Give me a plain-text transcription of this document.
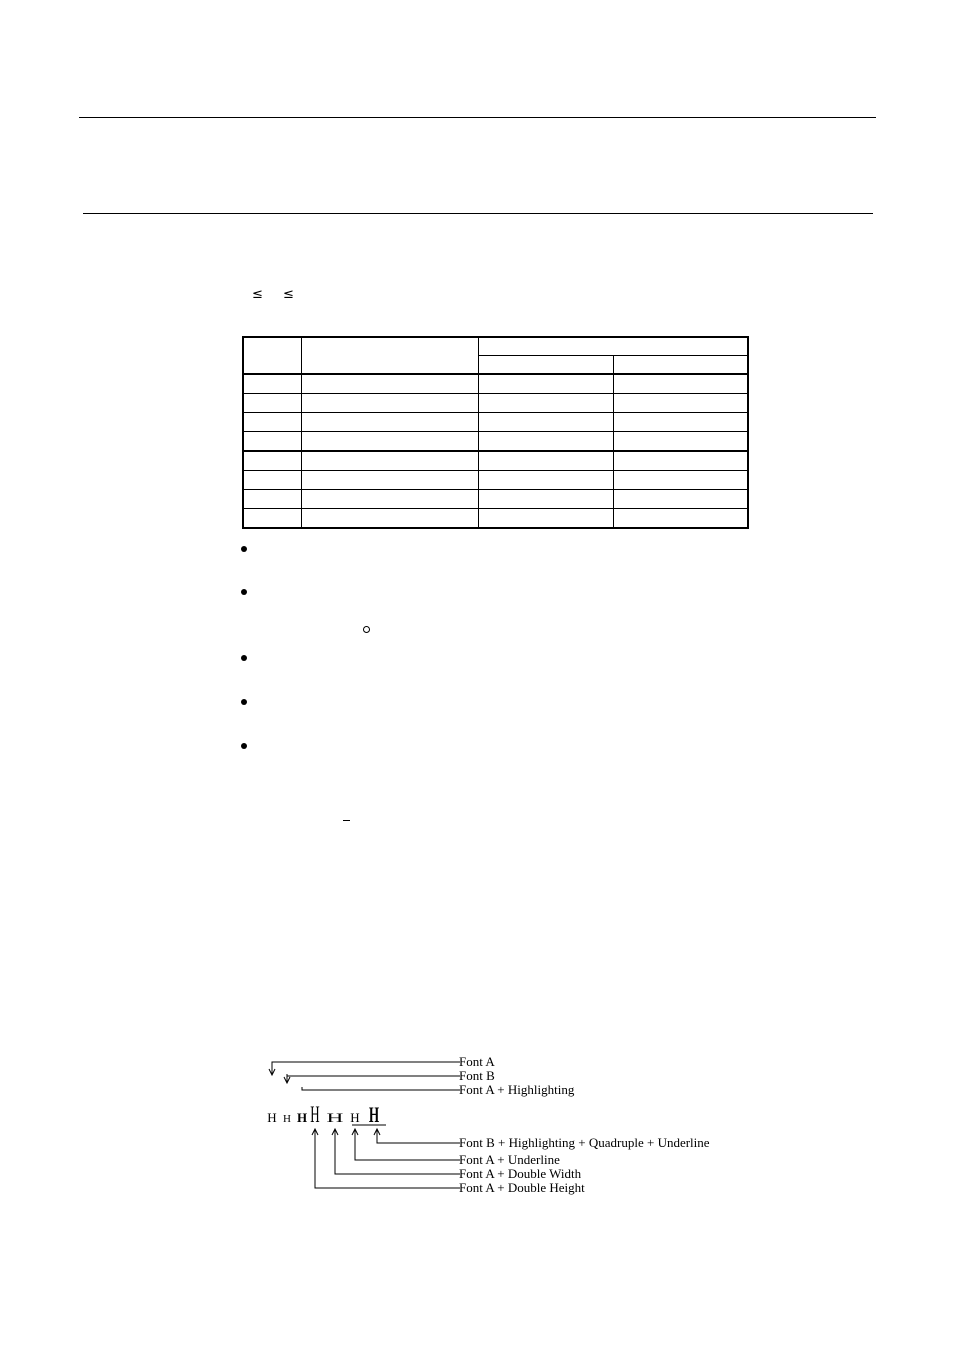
≤ ≤

H H H H H H H
Font A
Font B
Font A + Highlighting
Font B + Highlighting + Quadruple + Underline
Font A + Underline
Font A + Double Width
Font A + Double Height
